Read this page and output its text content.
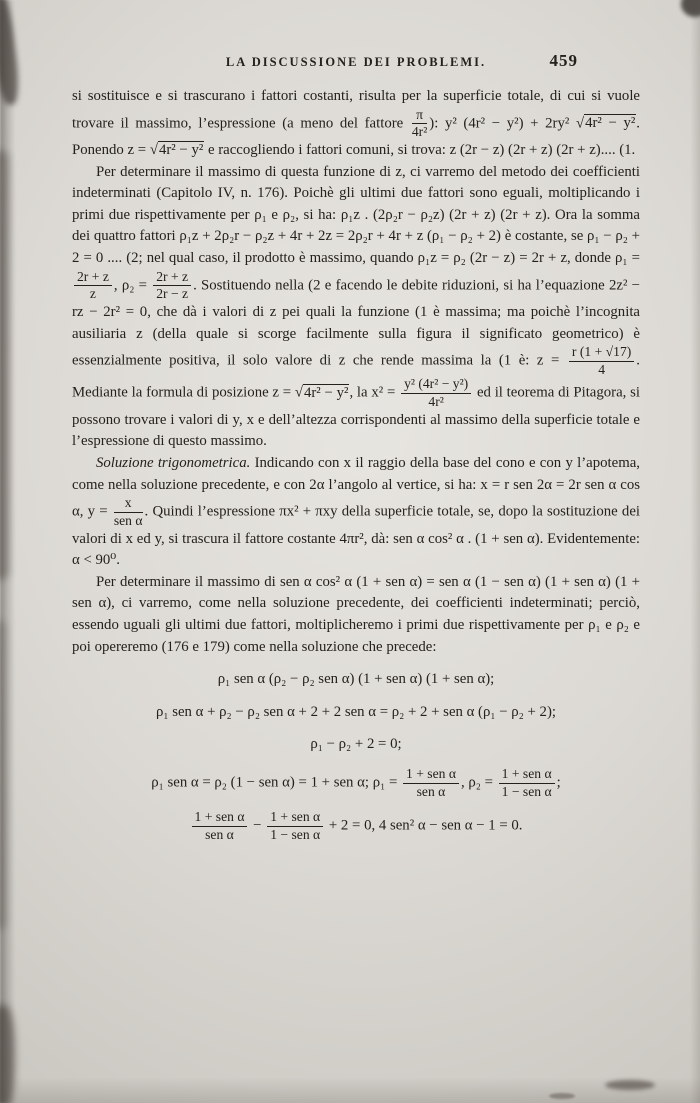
LA DISCUSSIONE DEI PROBLEMI.	459

si sostituisce e si trascurano i fattori costanti, risulta per la superficie totale, di cui si vuole trovare il massimo, l’espressione (a meno del fattore $\frac{\pi}{\text{4r²}}$ ): y² (4r² − y²) + 2ry² √4r² − y². Ponendo z = √4r² − y² e raccogliendo i fattori comuni, si trova: z (2r − z) (2r + z) (2r + z).... (1.

Per determinare il massimo di questa funzione di z, ci varremo del metodo dei coefficienti indeterminati (Capitolo IV, n. 176). Poichè gli ultimi due fattori sono eguali, moltiplicando i primi due rispettivamente per ρ₁ e ρ₂, si ha: ρ₁z . (2ρ₂r − ρ₂z) (2r + z) (2r + z). Ora la somma dei quattro fattori ρ₁z + 2ρ₂r − ρ₂z + 4r + 2z = 2ρ₂r + 4r + z (ρ₁ − ρ₂ + 2) è costante, se ρ₁ − ρ₂ + 2 = 0 .... (2; nel qual caso, il prodotto è massimo, quando ρ₁z = ρ₂ (2r − z) = 2r + z, donde ρ₁ =
$\frac{2r + z}{z}$ , $\rho_2 = \frac{2r + z}{2r - z}$ . Sostituendo nella (2 e facendo le debite riduzioni, si ha l’equazione 2z² − rz − 2r² = 0, che dà i valori di z pei quali la funzione (1 è massima; ma poichè l’incognita ausiliaria z (della quale si scorge facilmente sulla figura il significato geometrico) è essenzialmente positiva, il solo valore di z che rende massima la (1 è: $z = \frac{r (1 + √17)}{4}$ . Mediante la formula di posizione z = √4r² − y², la $x^2 = \frac{\text{y² (4r² − y²)}}{\text{4r²}}$ ed il teorema di Pitagora, si possono trovare i valori di y, x e dell’altezza corrispondenti al massimo della superficie totale e l’espressione di questo massimo.

Soluzione trigonometrica. Indicando con x il raggio della base del cono e con y l’apotema, come nella soluzione precedente, e con 2α l’angolo al vertice, si ha: x = r sen 2α = 2r sen α cos α, $y = \frac{x}{\text{sen α}}$ . Quindi l’espressione πx² + πxy della superficie totale, se, dopo la sostituzione dei valori di x ed y, si trascura il fattore costante 4πr², dà: sen α cos² α . (1 + sen α). Evidentemente: α < 90⁰.

Per determinare il massimo di sen α cos² α (1 + sen α) = sen α (1 − sen α) (1 + sen α) (1 + sen α), ci varremo, come nella soluzione precedente, dei coefficienti indeterminati; perciò, essendo uguali gli ultimi due fattori, moltiplicheremo i primi due rispettivamente per ρ₁ e ρ₂ e poi opereremo (176 e 179) come nella soluzione che precede:

ρ₁ sen α (ρ₂ − ρ₂ sen α) (1 + sen α) (1 + sen α);
ρ₁ sen α + ρ₂ − ρ₂ sen α + 2 + 2 sen α = ρ₂ + 2 + sen α (ρ₁ − ρ₂ + 2);
ρ₁ − ρ₂ + 2 = 0;
ρ₁ sen α = ρ₂ (1 − sen α) = 1 + sen α; $\rho_1 = \frac{\text{1 + sen α}}{\text{sen α}}$ , $\rho_2 = \frac{\text{1 + sen α}}{\text{1 − sen α}}$ ;
$\frac{\text{1 + sen α}}{\text{sen α}} - \frac{\text{1 + sen α}}{\text{1 − sen α}} + 2 = 0$, 4 sen² α − sen α − 1 = 0.
